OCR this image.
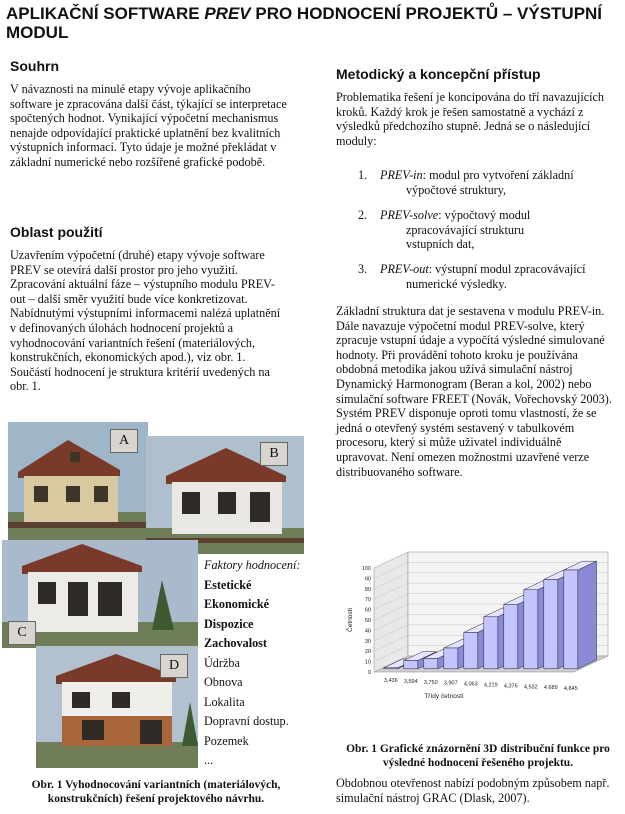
APLIKAČNÍ SOFTWARE PREV PRO HODNOCENÍ PROJEKTŮ – VÝSTUPNÍ MODUL
Souhrn
V návaznosti na minulé etapy vývoje aplikačního software je zpracována další část, týkající se interpretace spočtených hodnot. Vynikající výpočetní mechanismus nenajde odpovídající praktické uplatnění bez kvalitních výstupních informací. Tyto údaje je možné překládat v základní numerické nebo rozšířené grafické podobě.
Oblast použití
Uzavřením výpočetní (druhé) etapy vývoje software PREV se otevírá další prostor pro jeho využití. Zpracování aktuální fáze – výstupního modulu PREV-out – další směr využití bude více konkretizovat. Nabídnutými výstupními informacemi nalézá uplatnění v definovaných úlohách hodnocení projektů a vyhodnocování variantních řešení (materiálových, konstrukčních, ekonomických apod.), viz obr. 1. Součástí hodnocení je struktura kritérií uvedených na obr. 1.
A
B
C
D
Faktory hodnocení:
Estetické
Ekonomické
Dispozice
Zachovalost
Údržba
Obnova
Lokalita
Dopravní dostup.
Pozemek
...
Obr. 1 Vyhodnocování variantních (materiálových, konstrukčních) řešení projektového návrhu.
Metodický a koncepční přístup
Problematika řešení je koncipována do tří navazujících kroků. Každý krok je řešen samostatně a vychází z výsledků předchozího stupně. Jedná se o následující moduly:
1. PREV-in: modul pro vytvoření základní
výpočtové struktury,
2. PREV-solve: výpočtový modul
zpracovávající strukturu
vstupních dat,
3. PREV-out: výstupní modul zpracovávající
numerické výsledky.
Základní struktura dat je sestavena v modulu PREV-in. Dále navazuje výpočetní modul PREV-solve, který zpracuje vstupní údaje a vypočítá výsledné simulované hodnoty. Při provádění tohoto kroku je používána obdobná metodika jakou užívá simulační nástroj Dynamický Harmonogram (Beran a kol, 2002) nebo simulační software FREET (Novák, Vořechovský 2003). Systém PREV disponuje oproti tomu vlastností, že se jedná o otevřený systém sestavený v tabulkovém procesoru, který si může uživatel individuálně upravovat. Není omezen možnostmi uzavřené verze distribuovaného software.
0
10
20
30
40
50
60
70
80
90
100
3,436 3,594 3,750 3,907 4,063 4,219 4,376 4,532 4,689 4,845
Četnosti
Třídy četností
Obr. 1 Grafické znázornění 3D distribuční funkce pro výsledné hodnocení řešeného projektu.
Obdobnou otevřenost nabízí podobným způsobem např. simulační nástroj GRAC (Dlask, 2007).
